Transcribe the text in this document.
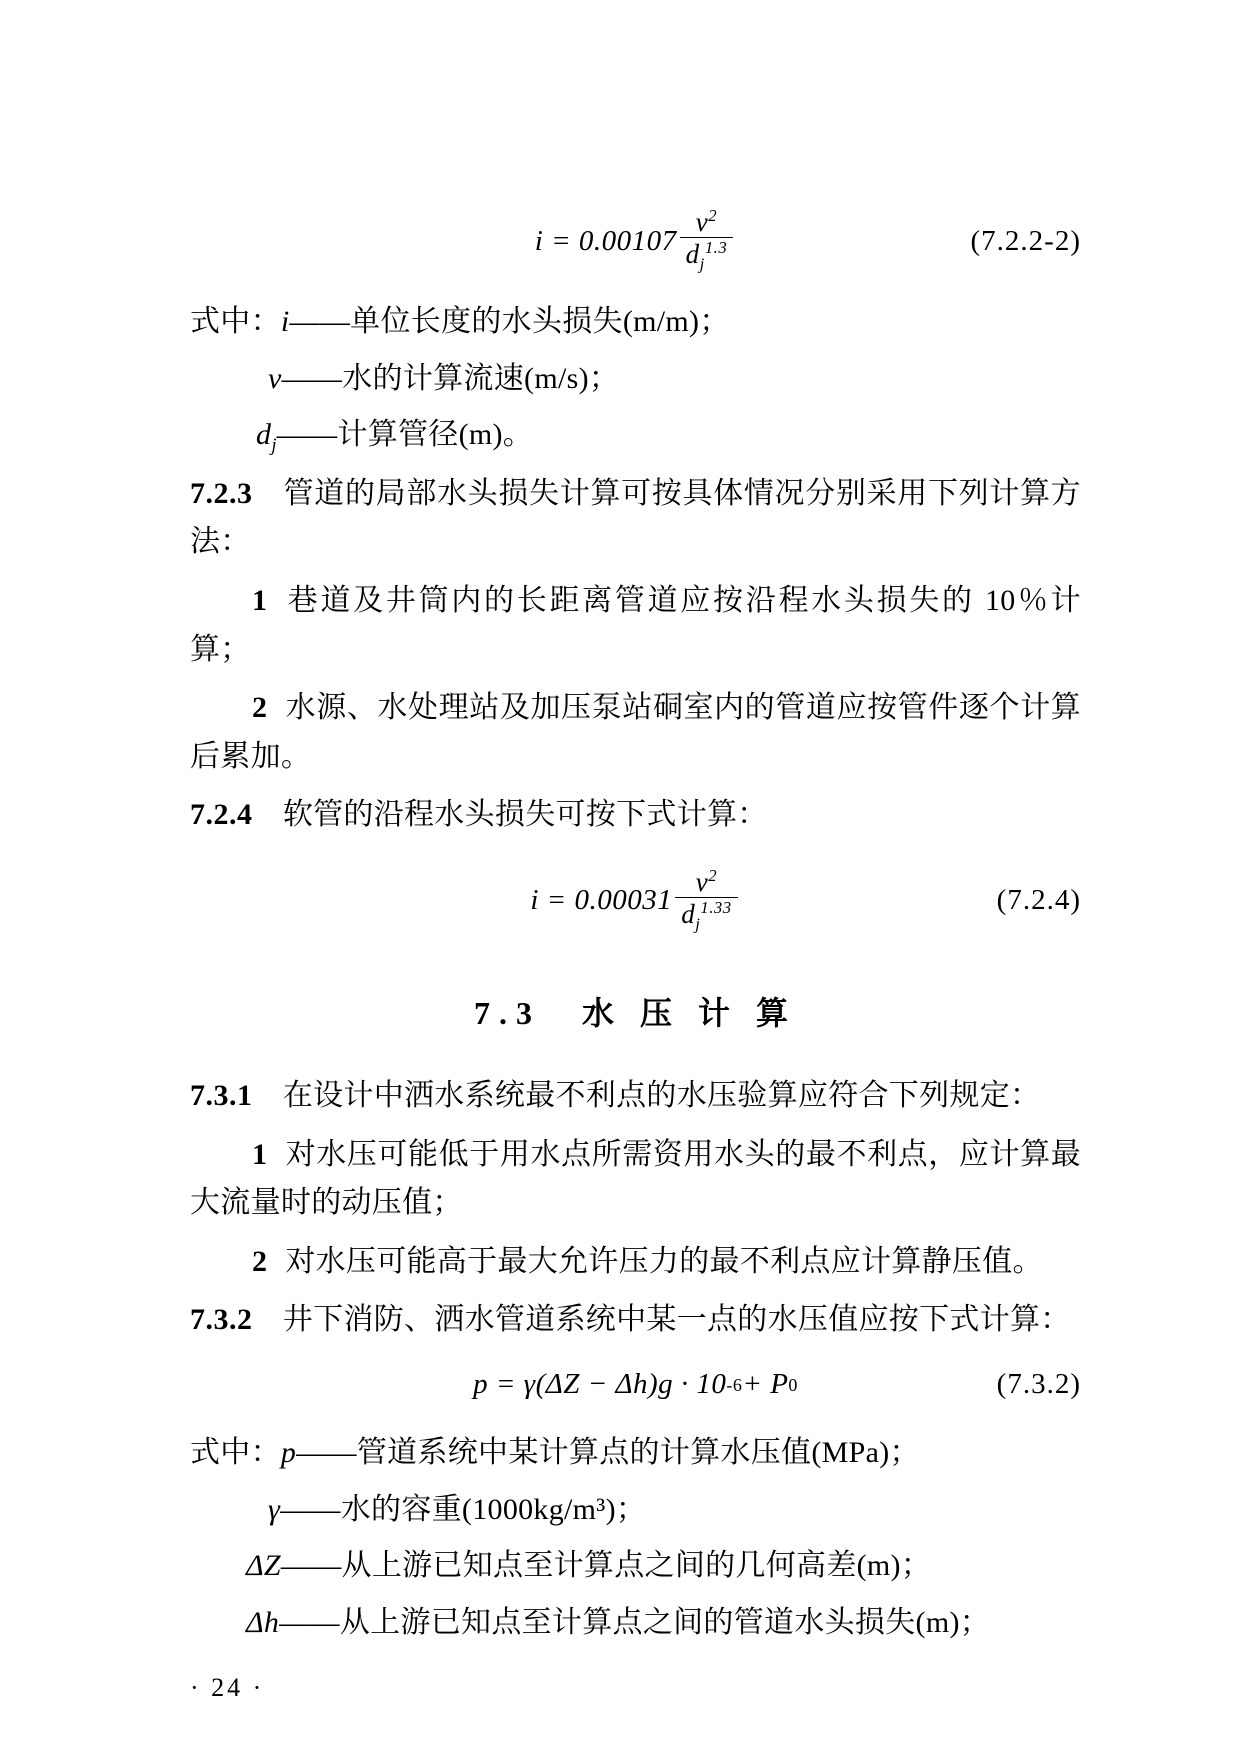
$i = 0.00107 \frac{v^2}{d_j^{1.3}}$	(7.2.2-2)
式中：i——单位长度的水头损失(m/m)；
v——水的计算流速(m/s)；
$d_j——$计算管径(m)。

7.2.3　 管道的局部水头损失计算可按具体情况分别采用下列计算方法：

1 巷道及井筒内的长距离管道应按沿程水头损失的 10％计算；

2 水源、水处理站及加压泵站硐室内的管道应按管件逐个计算后累加。

7.2.4　 软管的沿程水头损失可按下式计算：

$i = 0.00031 \frac{v^2}{d_j^{1.33}}$	(7.2.4)
7.3　水 压 计 算

7.3.1　 在设计中洒水系统最不利点的水压验算应符合下列规定：

1 对水压可能低于用水点所需资用水头的最不利点，应计算最大流量时的动压值；

2 对水压可能高于最大允许压力的最不利点应计算静压值。

7.3.2　 井下消防、洒水管道系统中某一点的水压值应按下式计算：

p = γ(ΔZ − Δh)g · 10 -6 + P 0	(7.3.2)
式中：p——管道系统中某计算点的计算水压值(MPa)；
γ——水的容重(1000kg/m³)；
ΔZ——从上游已知点至计算点之间的几何高差(m)；
Δh——从上游已知点至计算点之间的管道水头损失(m)；
· 24 ·
